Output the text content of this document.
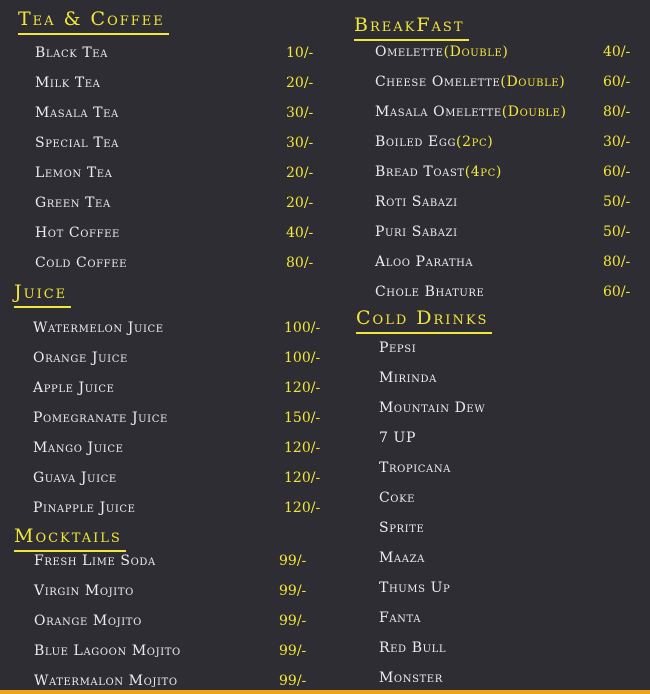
Tea & Coffee
Black Tea	10/-
Milk Tea	20/-
Masala Tea	30/-
Special Tea	30/-
Lemon Tea	20/-
Green Tea	20/-
Hot Coffee	40/-
Cold Coffee	80/-
Juice
Watermelon Juice	100/-
Orange Juice	100/-
Apple Juice	120/-
Pomegranate Juice	150/-
Mango Juice	120/-
Guava Juice	120/-
Pinapple Juice	120/-
Mocktails
Fresh Lime Soda	99/-
Virgin Mojito	99/-
Orange Mojito	99/-
Blue Lagoon Mojito	99/-
Watermalon Mojito	99/-
BreakFast
Omelette(Double)	40/-
Cheese Omelette(Double)	60/-
Masala Omelette(Double)	80/-
Boiled Egg(2pc)	30/-
Bread Toast(4pc)	60/-
Roti Sabazi	50/-
Puri Sabazi	50/-
Aloo Paratha	80/-
Chole Bhature	60/-
Cold Drinks
Pepsi
Mirinda
Mountain Dew
7 UP
Tropicana
Coke
Sprite
Maaza
Thums Up
Fanta
Red Bull
Monster
